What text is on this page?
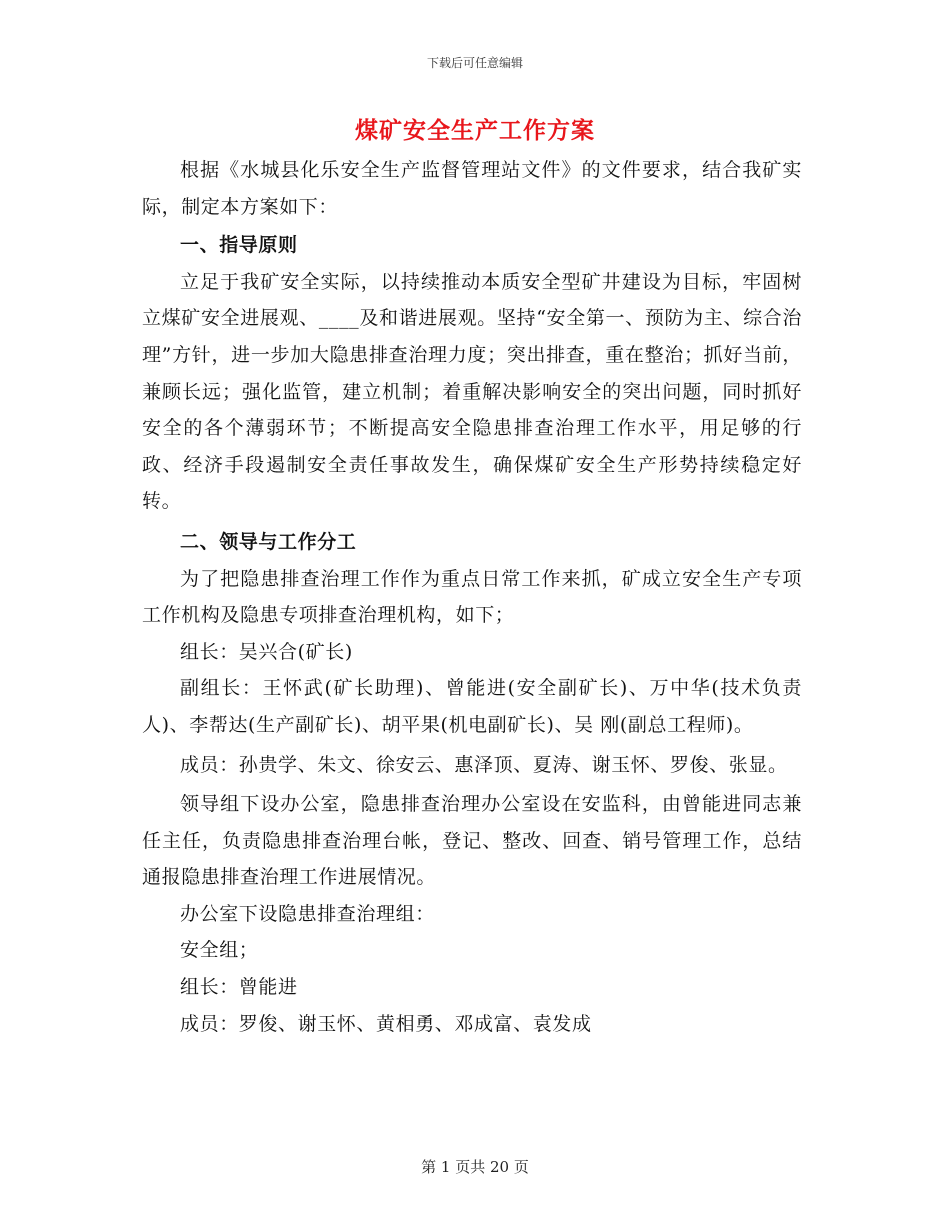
下载后可任意编辑
煤矿安全生产工作方案

根据《水城县化乐安全生产监督管理站文件》的文件要求，结合我矿实际，制定本方案如下：

一、指导原则

立足于我矿安全实际，以持续推动本质安全型矿井建设为目标，牢固树立煤矿安全进展观、____及和谐进展观。坚持“安全第一、预防为主、综合治理”方针，进一步加大隐患排查治理力度；突出排查，重在整治；抓好当前，兼顾长远；强化监管，建立机制；着重解决影响安全的突出问题，同时抓好安全的各个薄弱环节；不断提高安全隐患排查治理工作水平，用足够的行政、经济手段遏制安全责任事故发生，确保煤矿安全生产形势持续稳定好转。

二、领导与工作分工

为了把隐患排查治理工作作为重点日常工作来抓，矿成立安全生产专项工作机构及隐患专项排查治理机构，如下；

组长：吴兴合(矿长)

副组长：王怀武(矿长助理)、曾能进(安全副矿长)、万中华(技术负责人)、李帮达(生产副矿长)、胡平果(机电副矿长)、吴 刚(副总工程师)。

成员：孙贵学、朱文、徐安云、惠泽顶、夏涛、谢玉怀、罗俊、张显。

领导组下设办公室，隐患排查治理办公室设在安监科，由曾能进同志兼任主任，负责隐患排查治理台帐，登记、整改、回查、销号管理工作，总结通报隐患排查治理工作进展情况。

办公室下设隐患排查治理组：

安全组；

组长：曾能进

成员：罗俊、谢玉怀、黄相勇、邓成富、袁发成

第 1 页共 20 页
